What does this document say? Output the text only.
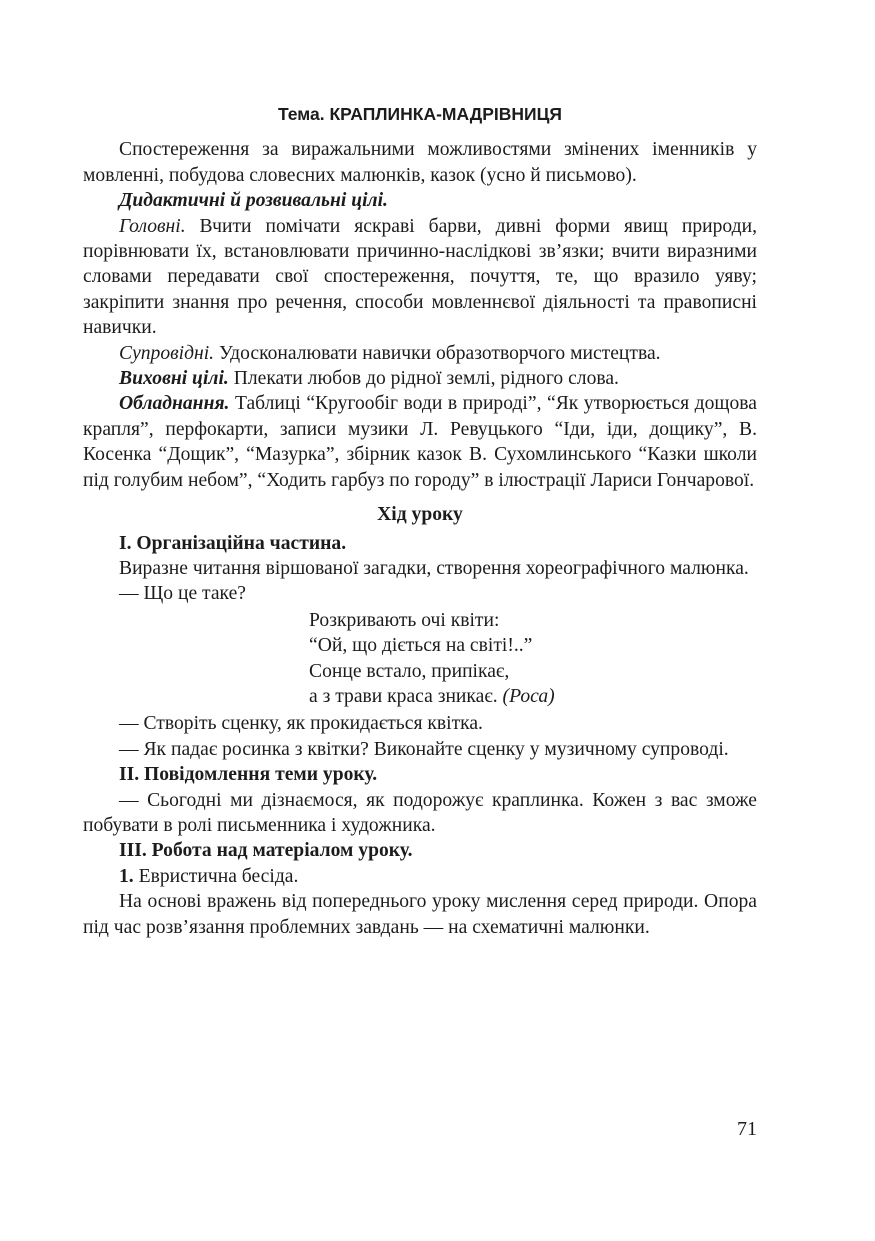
Тема. КРАПЛИНКА-МАДРІВНИЦЯ

Спостереження за виражальними можливостями змінених іменників у мовленні, побудова словесних малюнків, казок (усно й письмово).

Дидактичні й розвивальні цілі.

Головні. Вчити помічати яскраві барви, дивні форми явищ природи, порівнювати їх, встановлювати причинно-наслідкові зв’язки; вчити виразними словами передавати свої спостереження, почуття, те, що вразило уяву; закріпити знання про речення, способи мовленнєвої діяльності та правописні навички.

Супровідні. Удосконалювати навички образотворчого мистецтва.

Виховні цілі. Плекати любов до рідної землі, рідного слова.

Обладнання. Таблиці “Кругообіг води в природі”, “Як утворюється дощова крапля”, перфокарти, записи музики Л. Ревуцького “Іди, іди, дощику”, В. Косенка “Дощик”, “Мазурка”, збірник казок В. Сухомлинського “Казки школи під голубим небом”, “Ходить гарбуз по городу” в ілюстрації Лариси Гончарової.

Хід уроку

І. Організаційна частина.

Виразне читання віршованої загадки, створення хореографічного малюнка.

— Що це таке?

Розкривають очі квіти:
“Ой, що діється на світі!..”
Сонце встало, припікає,
а з трави краса зникає. (Роса)

— Створіть сценку, як прокидається квітка.

— Як падає росинка з квітки? Виконайте сценку у музичному супроводі.

ІІ. Повідомлення теми уроку.

— Сьогодні ми дізнаємося, як подорожує краплинка. Кожен з вас зможе побувати в ролі письменника і художника.

ІІІ. Робота над матеріалом уроку.

1. Евристична бесіда.

На основі вражень від попереднього уроку мислення серед природи. Опора під час розв’язання проблемних завдань — на схематичні малюнки.

71
